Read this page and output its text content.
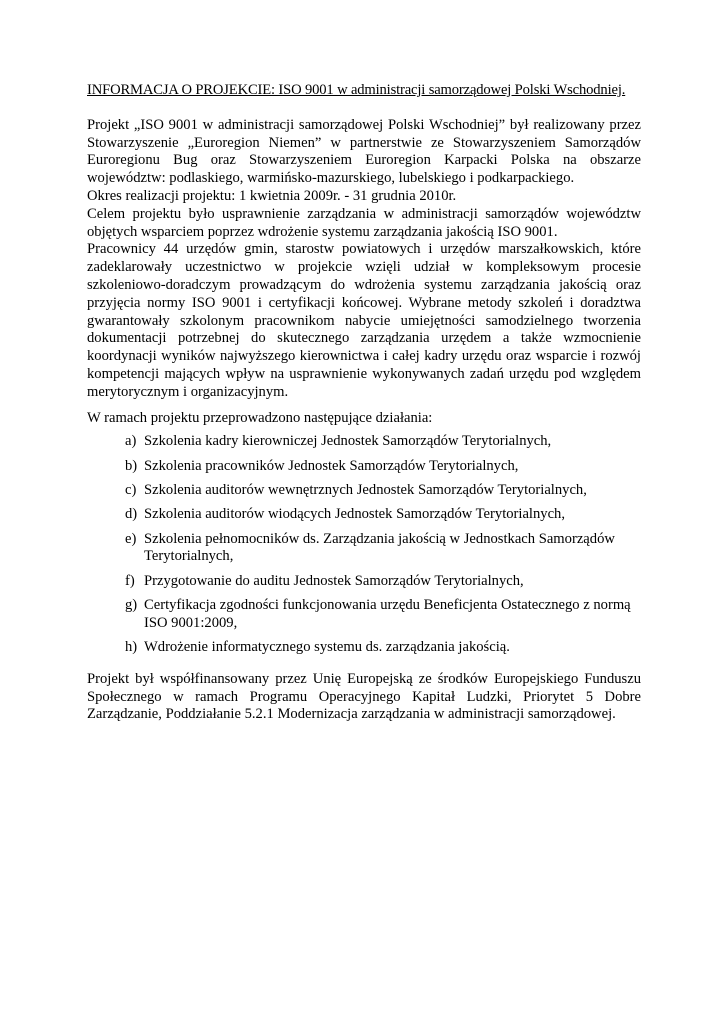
INFORMACJA O PROJEKCIE: ISO 9001 w administracji samorządowej Polski Wschodniej.

Projekt „ISO 9001 w administracji samorządowej Polski Wschodniej” był realizowany przez Stowarzyszenie „Euroregion Niemen” w partnerstwie ze Stowarzyszeniem Samorządów Euroregionu Bug oraz Stowarzyszeniem Euroregion Karpacki Polska na obszarze województw: podlaskiego, warmińsko-mazurskiego, lubelskiego i podkarpackiego.

Okres realizacji projektu: 1 kwietnia 2009r. - 31 grudnia 2010r.

Celem projektu było usprawnienie zarządzania w administracji samorządów województw objętych wsparciem poprzez wdrożenie systemu zarządzania jakością ISO 9001.

Pracownicy 44 urzędów gmin, starostw powiatowych i urzędów marszałkowskich, które zadeklarowały uczestnictwo w projekcie wzięli udział w kompleksowym procesie szkoleniowo-doradczym prowadzącym do wdrożenia systemu zarządzania jakością oraz przyjęcia normy ISO 9001 i certyfikacji końcowej. Wybrane metody szkoleń i doradztwa gwarantowały szkolonym pracownikom nabycie umiejętności samodzielnego tworzenia dokumentacji potrzebnej do skutecznego zarządzania urzędem a także wzmocnienie koordynacji wyników najwyższego kierownictwa i całej kadry urzędu oraz wsparcie i rozwój kompetencji mających wpływ na usprawnienie wykonywanych zadań urzędu pod względem merytorycznym i organizacyjnym.

W ramach projektu przeprowadzono następujące działania:

a) Szkolenia kadry kierowniczej Jednostek Samorządów Terytorialnych,
b) Szkolenia pracowników Jednostek Samorządów Terytorialnych,
c) Szkolenia auditorów wewnętrznych Jednostek Samorządów Terytorialnych,
d) Szkolenia auditorów wiodących Jednostek Samorządów Terytorialnych,
e) Szkolenia pełnomocników ds. Zarządzania jakością w Jednostkach Samorządów Terytorialnych,
f) Przygotowanie do auditu Jednostek Samorządów Terytorialnych,
g) Certyfikacja zgodności funkcjonowania urzędu Beneficjenta Ostatecznego z normą ISO 9001:2009,
h) Wdrożenie informatycznego systemu ds. zarządzania jakością.

Projekt był współfinansowany przez Unię Europejską ze środków Europejskiego Funduszu Społecznego w ramach Programu Operacyjnego Kapitał Ludzki, Priorytet 5 Dobre Zarządzanie, Poddziałanie 5.2.1 Modernizacja zarządzania w administracji samorządowej.
